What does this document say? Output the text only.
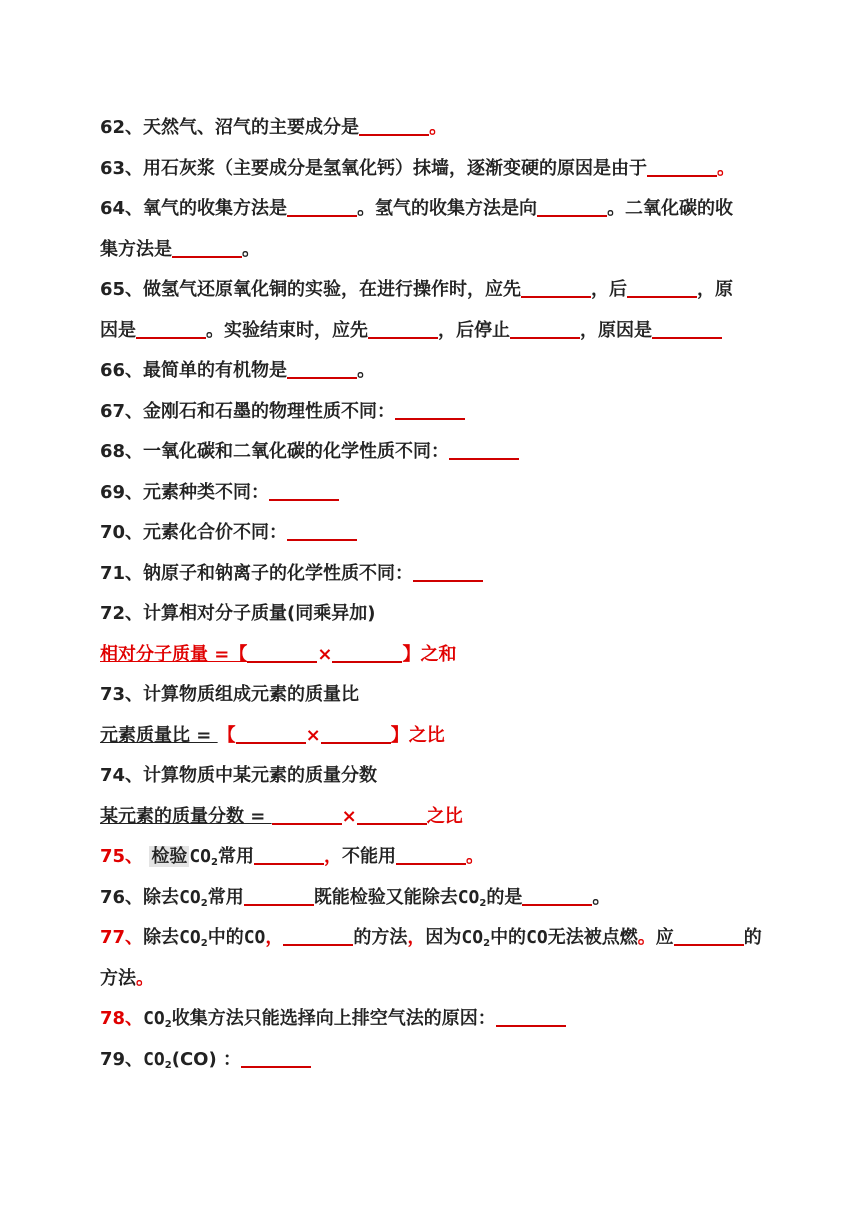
62、天然气、沼气的主要成分是	。
63、用石灰浆（主要成分是氢氧化钙）抹墙，逐渐变硬的原因是由于	。
64、氧气的收集方法是	。氢气的收集方法是向	。二氧化碳的收
集方法是	。
65、做氢气还原氧化铜的实验，在进行操作时，应先	，后	，原
因是	。实验结束时，应先	，后停止	，原因是
66、最简单的有机物是	。
67、金刚石和石墨的物理性质不同：
68、一氧化碳和二氧化碳的化学性质不同：
69、元素种类不同：
70、元素化合价不同：
71、钠原子和钠离子的化学性质不同：
72、计算相对分子质量(同乘异加)
相对分子质量 =【	×	】之和
73、计算物质组成元素的质量比
元素质量比 = 【	×	】之比
74、计算物质中某元素的质量分数
某元素的质量分数 =	×	之比
75、 检验 $CO_2$常用	，不能用	。
76、除去$CO_2$常用	既能检验又能除去$CO_2$的是	。
77、除去$CO_2$中的CO，	的方法，因为$CO_2$中的CO无法被点燃。应	的
方法。
78、$CO_2$收集方法只能选择向上排空气法的原因：
79、$CO_2(CO)$ ：
